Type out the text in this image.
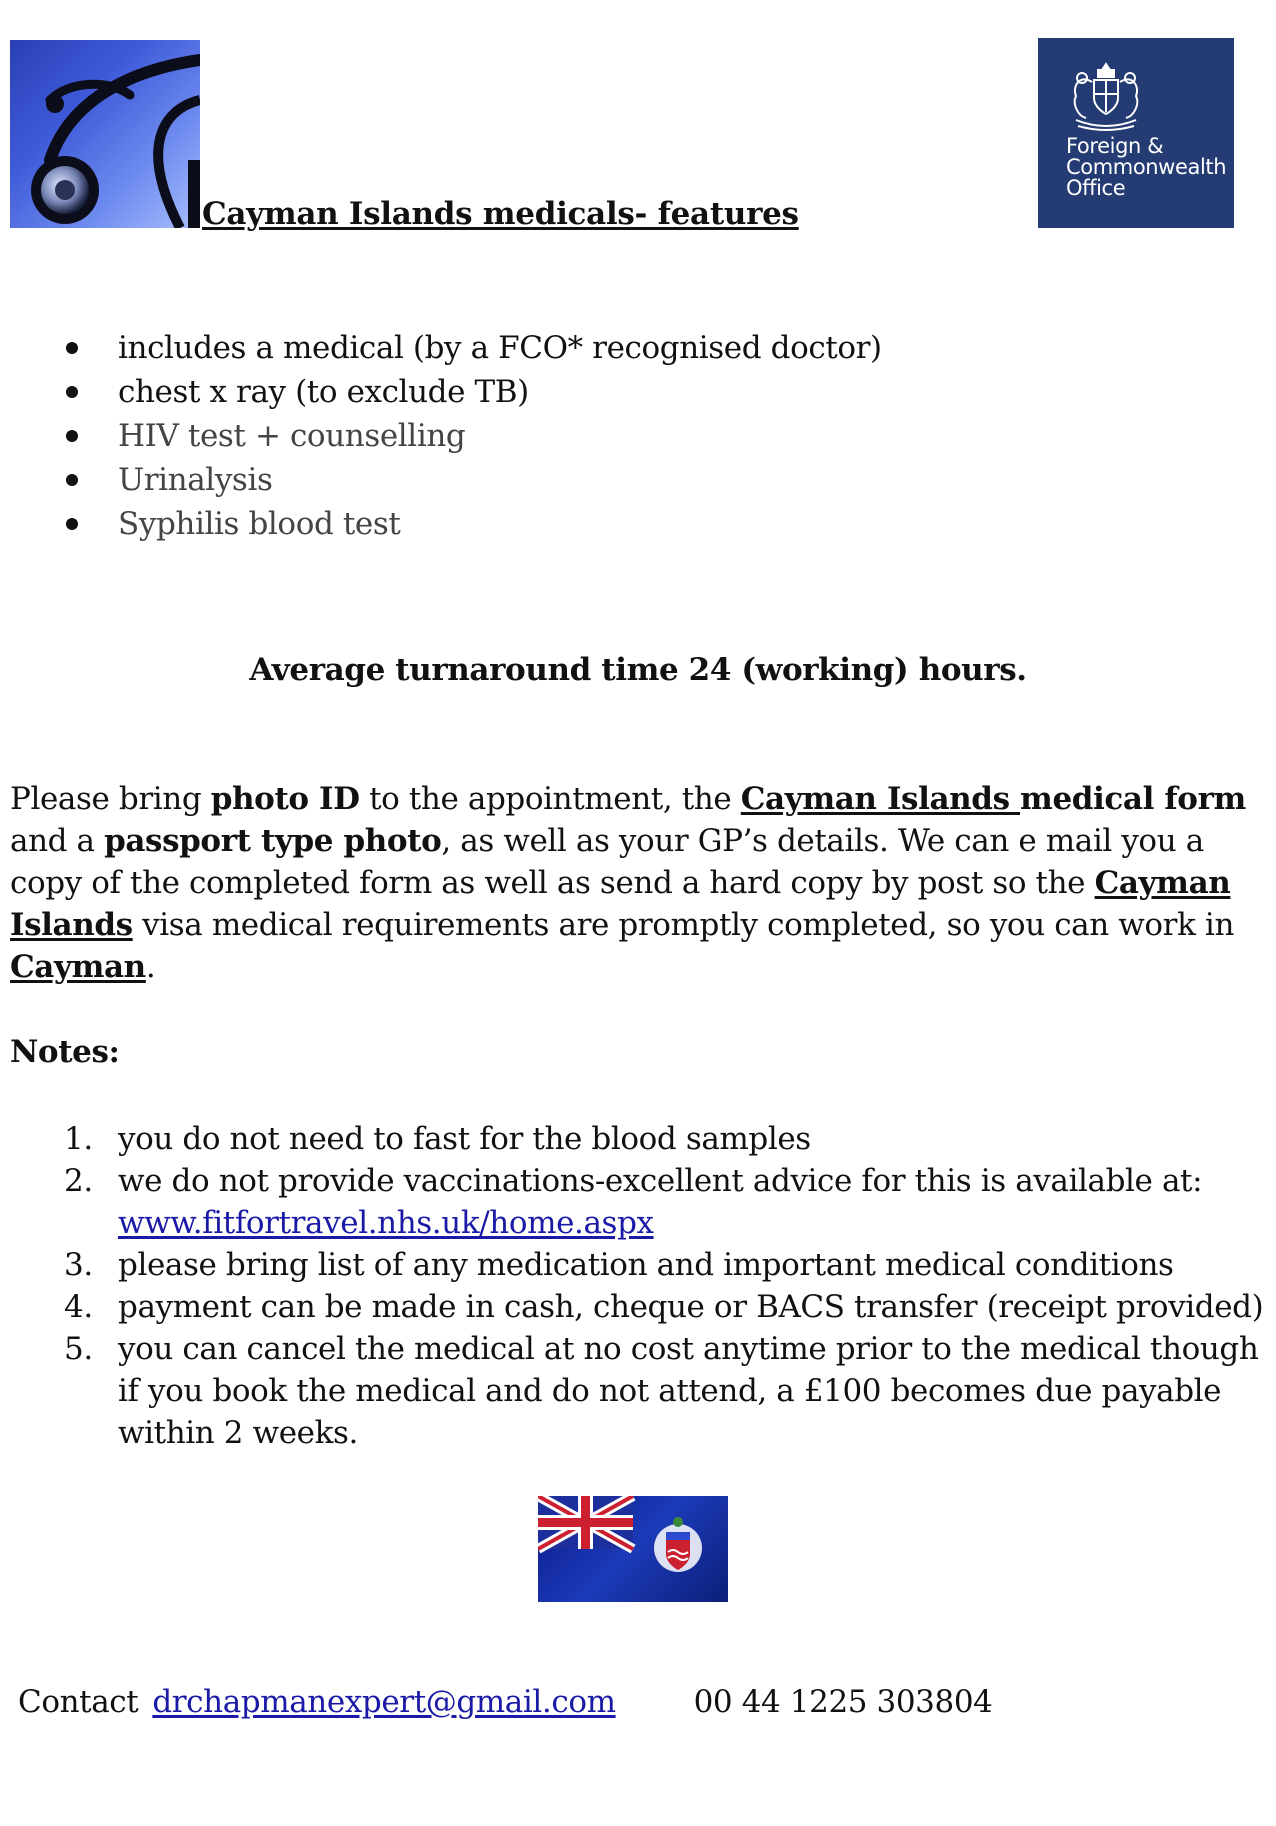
Foreign &
Commonwealth
Office
Cayman Islands medicals- features
includes a medical (by a FCO* recognised doctor)
chest x ray (to exclude TB)
HIV test + counselling
Urinalysis
Syphilis blood test
Average turnaround time 24 (working) hours.
Please bring photo ID to the appointment, the Cayman Islands medical form
and a passport type photo, as well as your GP’s details. We can e mail you a
copy of the completed form as well as send a hard copy by post so the Cayman
Islands visa medical requirements are promptly completed, so you can work in
Cayman.
Notes:
1. you do not need to fast for the blood samples
2. we do not provide vaccinations-excellent advice for this is available at:
www.fitfortravel.nhs.uk/home.aspx
3. please bring list of any medication and important medical conditions
4. payment can be made in cash, cheque or BACS transfer (receipt provided)
5. you can cancel the medical at no cost anytime prior to the medical though
if you book the medical and do not attend, a £100 becomes due payable
within 2 weeks.
Contact drchapmanexpert@gmail.com	00 44 1225 303804
